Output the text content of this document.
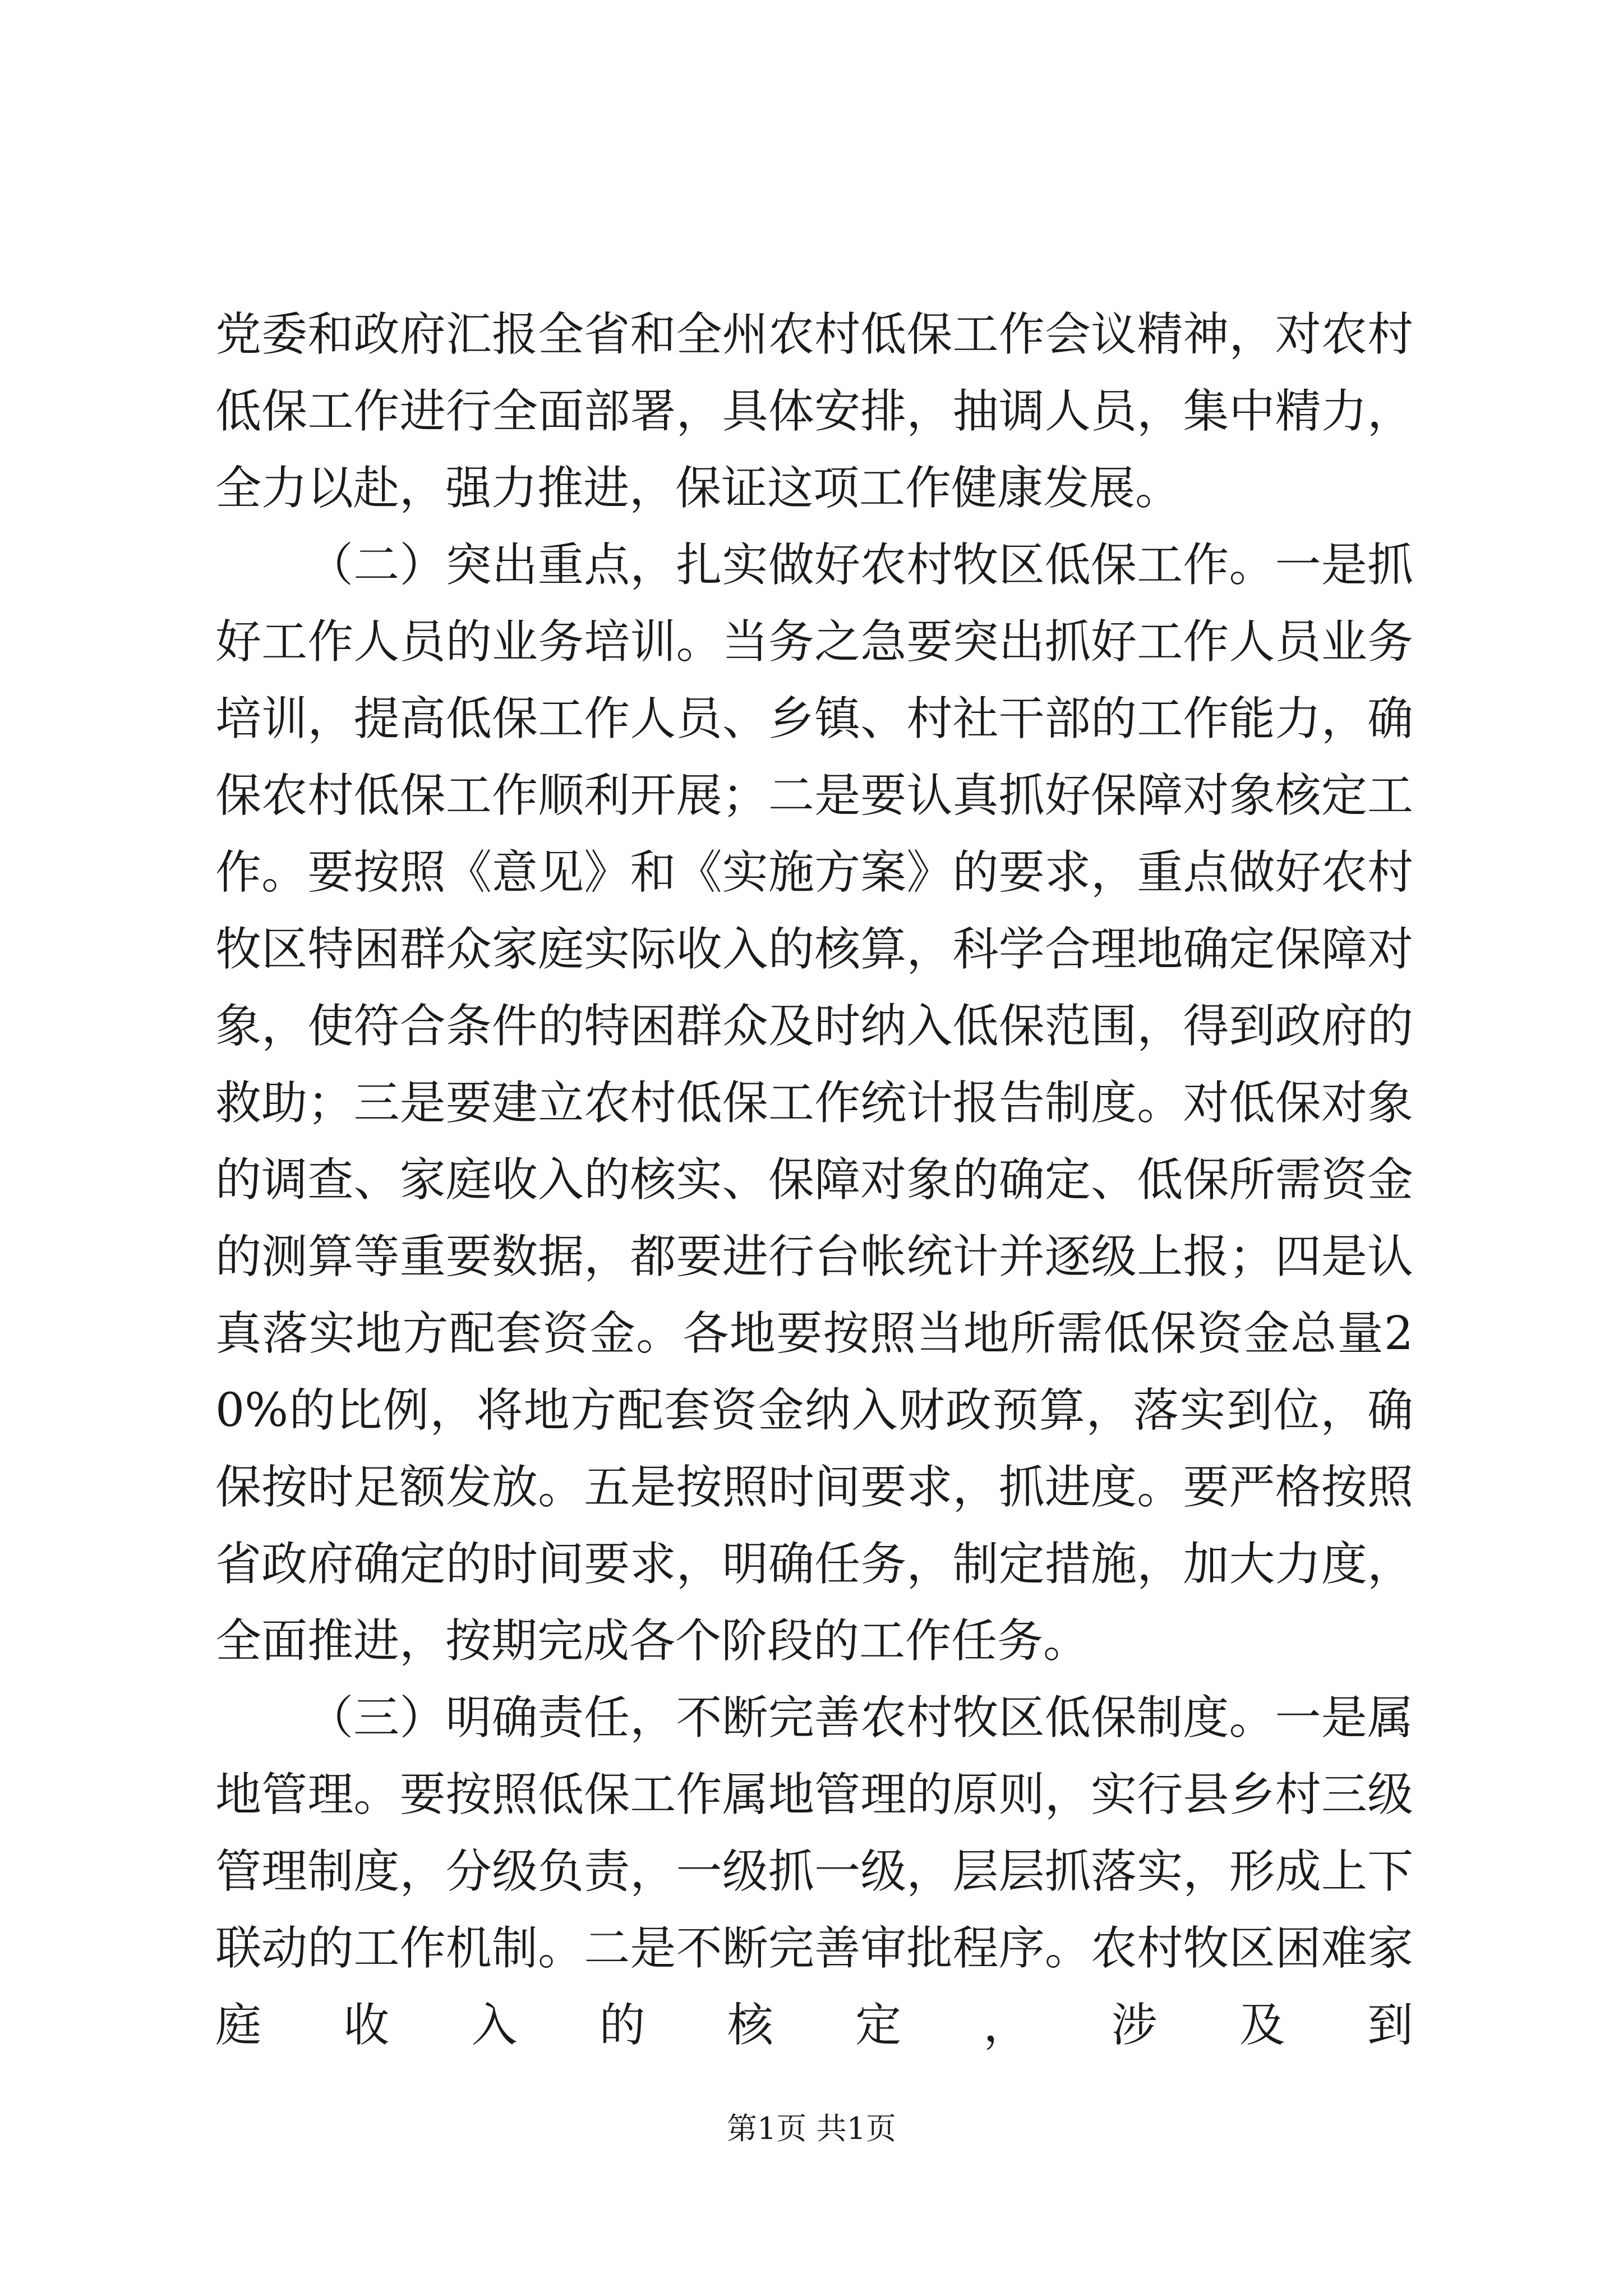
党委和政府汇报全省和全州农村低保工作会议精神，对农村低保工作进行全面部署，具体安排，抽调人员，集中精力，全力以赴，强力推进，保证这项工作健康发展。

（二）突出重点，扎实做好农村牧区低保工作。一是抓好工作人员的业务培训。当务之急要突出抓好工作人员业务培训，提高低保工作人员、乡镇、村社干部的工作能力，确保农村低保工作顺利开展；二是要认真抓好保障对象核定工作。要按照《意见》和《实施方案》的要求，重点做好农村牧区特困群众家庭实际收入的核算，科学合理地确定保障对象，使符合条件的特困群众及时纳入低保范围，得到政府的救助；三是要建立农村低保工作统计报告制度。对低保对象的调查、家庭收入的核实、保障对象的确定、低保所需资金的测算等重要数据，都要进行台帐统计并逐级上报；四是认真落实地方配套资金。各地要按照当地所需低保资金总量20%的比例，将地方配套资金纳入财政预算，落实到位，确保按时足额发放。五是按照时间要求，抓进度。要严格按照省政府确定的时间要求，明确任务，制定措施，加大力度，全面推进，按期完成各个阶段的工作任务。

（三）明确责任，不断完善农村牧区低保制度。一是属地管理。要按照低保工作属地管理的原则，实行县乡村三级管理制度，分级负责，一级抓一级，层层抓落实，形成上下联动的工作机制。二是不断完善审批程序。农村牧区困难家庭收入的核定，涉及到

第1页 共1页
